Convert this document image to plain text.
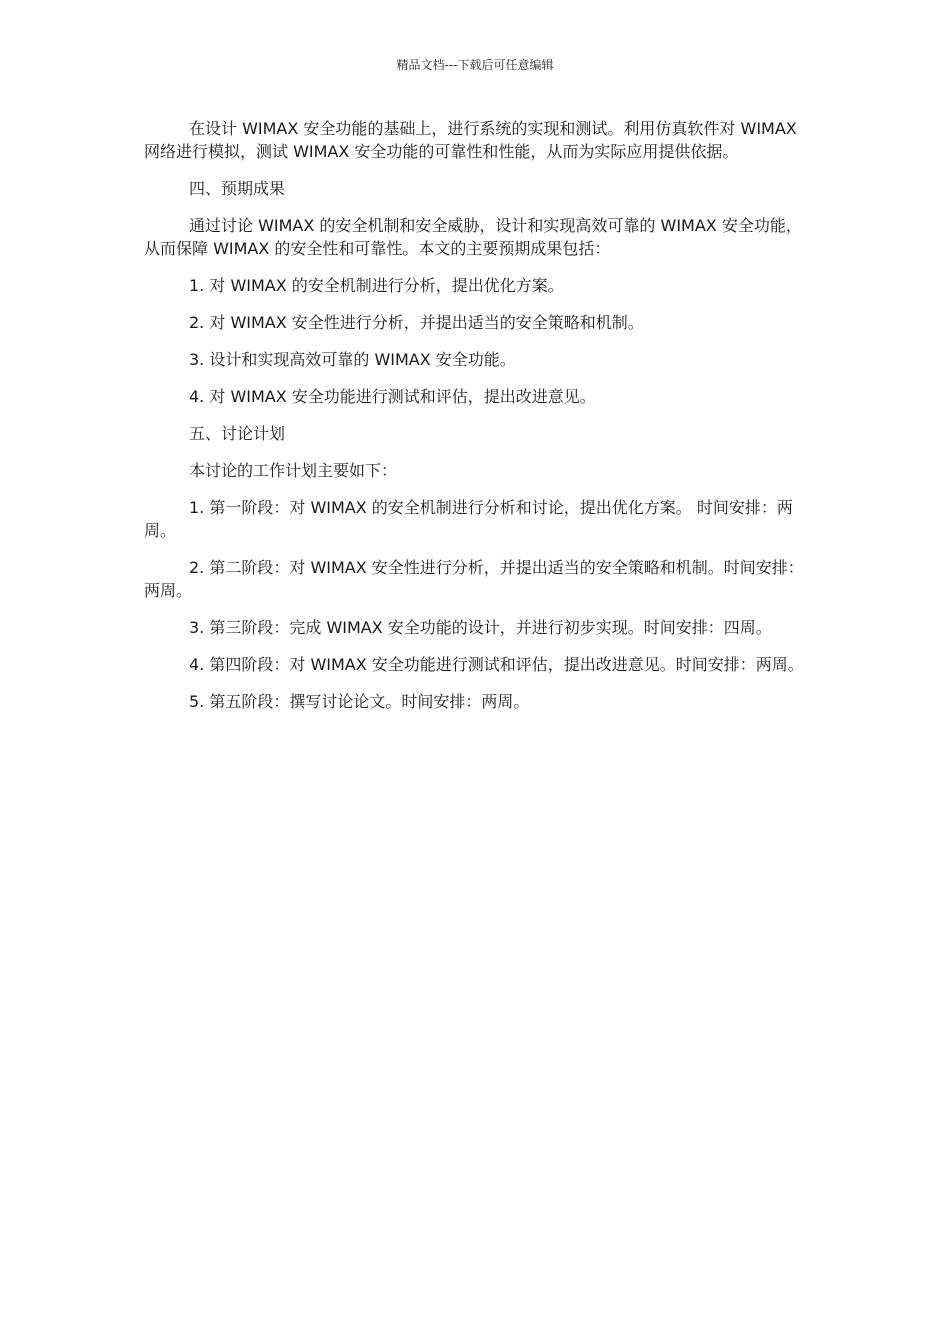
精品文档---下载后可任意编辑

在设计 WIMAX 安全功能的基础上，进行系统的实现和测试。利用仿真软件对 WIMAX 网络进行模拟，测试 WIMAX 安全功能的可靠性和性能，从而为实际应用提供依据。

四、预期成果

通过讨论 WIMAX 的安全机制和安全威胁，设计和实现高效可靠的 WIMAX 安全功能，从而保障 WIMAX 的安全性和可靠性。本文的主要预期成果包括：

1. 对 WIMAX 的安全机制进行分析，提出优化方案。

2. 对 WIMAX 安全性进行分析，并提出适当的安全策略和机制。

3. 设计和实现高效可靠的 WIMAX 安全功能。

4. 对 WIMAX 安全功能进行测试和评估，提出改进意见。

五、讨论计划

本讨论的工作计划主要如下：

1. 第一阶段：对 WIMAX 的安全机制进行分析和讨论，提出优化方案。 时间安排：两周。

2. 第二阶段：对 WIMAX 安全性进行分析，并提出适当的安全策略和机制。时间安排：两周。

3. 第三阶段：完成 WIMAX 安全功能的设计，并进行初步实现。时间安排：四周。

4. 第四阶段：对 WIMAX 安全功能进行测试和评估，提出改进意见。时间安排：两周。

5. 第五阶段：撰写讨论论文。时间安排：两周。
